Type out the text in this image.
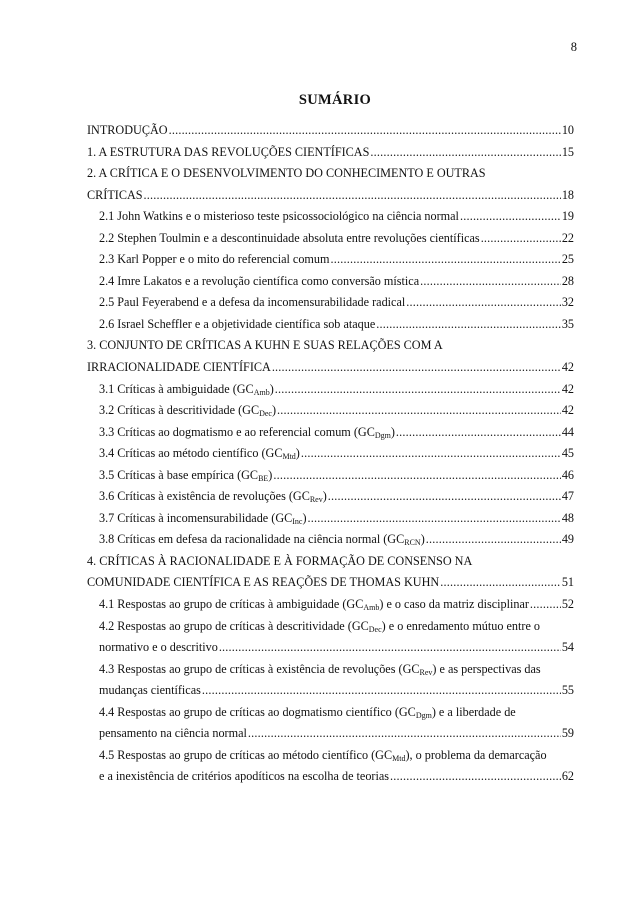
8
SUMÁRIO
INTRODUÇÃO .....	10
1. A ESTRUTURA DAS REVOLUÇÕES CIENTÍFICAS .....	15
2. A CRÍTICA E O DESENVOLVIMENTO DO CONHECIMENTO E OUTRAS
CRÍTICAS .....	18
2.1 John Watkins e o misterioso teste psicossociológico na ciência normal .....	19
2.2 Stephen Toulmin e a descontinuidade absoluta entre revoluções científicas .....	22
2.3 Karl Popper e o mito do referencial comum .....	25
2.4 Imre Lakatos e a revolução científica como conversão mística .....	28
2.5 Paul Feyerabend e a defesa da incomensurabilidade radical .....	32
2.6 Israel Scheffler e a objetividade científica sob ataque .....	35
3. CONJUNTO DE CRÍTICAS A KUHN E SUAS RELAÇÕES COM A
IRRACIONALIDADE CIENTÍFICA .....	42
3.1 Críticas à ambiguidade $(GC_{Amb})$ .....	42
3.2 Críticas à descritividade $(GC_{Dec})$ .....	42
3.3 Críticas ao dogmatismo e ao referencial comum $(GC_{Dgm})$ .....	44
3.4 Críticas ao método científico $(GC_{Mtd})$ .....	45
3.5 Críticas à base empírica $(GC_{BE})$ .....	46
3.6 Críticas à existência de revoluções $(GC_{Rev})$ .....	47
3.7 Críticas à incomensurabilidade $(GC_{Inc})$ .....	48
3.8 Críticas em defesa da racionalidade na ciência normal $(GC_{RCN})$ .....	49
4. CRÍTICAS À RACIONALIDADE E À FORMAÇÃO DE CONSENSO NA
COMUNIDADE CIENTÍFICA E AS REAÇÕES DE THOMAS KUHN .....	51
4.1 Respostas ao grupo de críticas à ambiguidade $(GC_{Amb})$ e o caso da matriz disciplinar .....	52
4.2 Respostas ao grupo de críticas à descritividade $(GC_{Dec})$ e o enredamento mútuo entre o
normativo e o descritivo .....	54
4.3 Respostas ao grupo de críticas à existência de revoluções $(GC_{Rev})$ e as perspectivas das
mudanças científicas .....	55
4.4 Respostas ao grupo de críticas ao dogmatismo científico $(GC_{Dgm})$ e a liberdade de
pensamento na ciência normal .....	59
4.5 Respostas ao grupo de críticas ao método científico $(GC_{Mtd})$, o problema da demarcação
e a inexistência de critérios apodíticos na escolha de teorias .....	62
